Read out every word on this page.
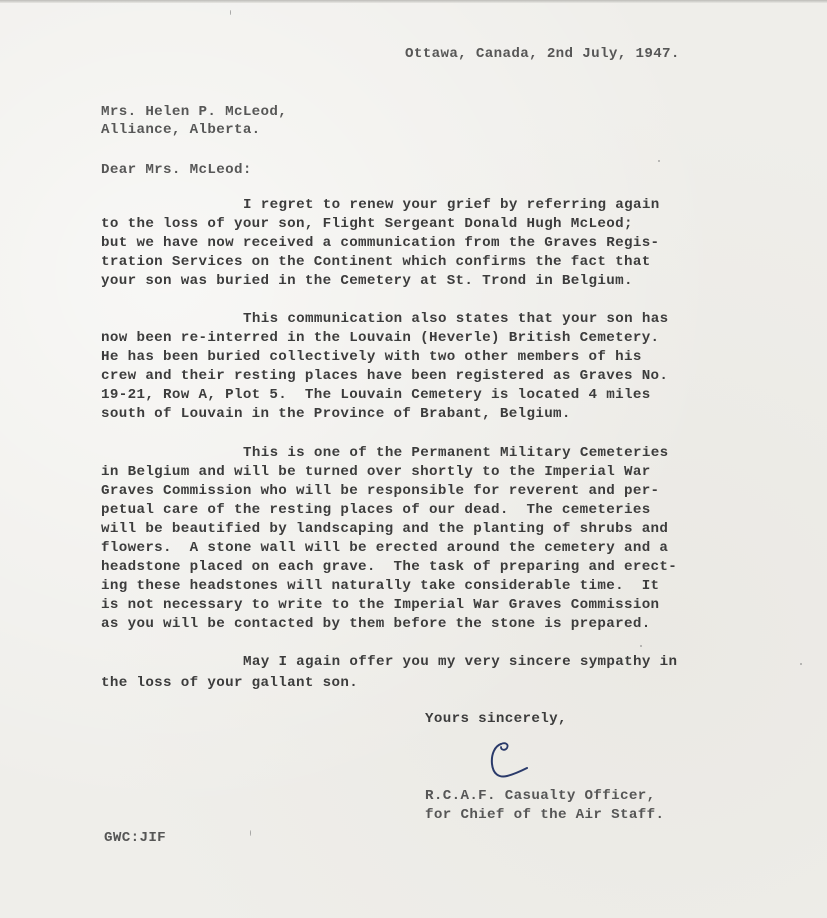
Ottawa, Canada, 2nd July, 1947.
Mrs. Helen P. McLeod,
Alliance, Alberta.
Dear Mrs. McLeod:
I regret to renew your grief by referring again
to the loss of your son, Flight Sergeant Donald Hugh McLeod;
but we have now received a communication from the Graves Regis-
tration Services on the Continent which confirms the fact that
your son was buried in the Cemetery at St. Trond in Belgium.
This communication also states that your son has
now been re-interred in the Louvain (Heverle) British Cemetery.
He has been buried collectively with two other members of his
crew and their resting places have been registered as Graves No.
19-21, Row A, Plot 5.  The Louvain Cemetery is located 4 miles
south of Louvain in the Province of Brabant, Belgium.
This is one of the Permanent Military Cemeteries
in Belgium and will be turned over shortly to the Imperial War
Graves Commission who will be responsible for reverent and per-
petual care of the resting places of our dead.  The cemeteries
will be beautified by landscaping and the planting of shrubs and
flowers.  A stone wall will be erected around the cemetery and a
headstone placed on each grave.  The task of preparing and erect-
ing these headstones will naturally take considerable time.  It
is not necessary to write to the Imperial War Graves Commission
as you will be contacted by them before the stone is prepared.
May I again offer you my very sincere sympathy in
the loss of your gallant son.
Yours sincerely,
R.C.A.F. Casualty Officer,
for Chief of the Air Staff.
GWC:JIF
